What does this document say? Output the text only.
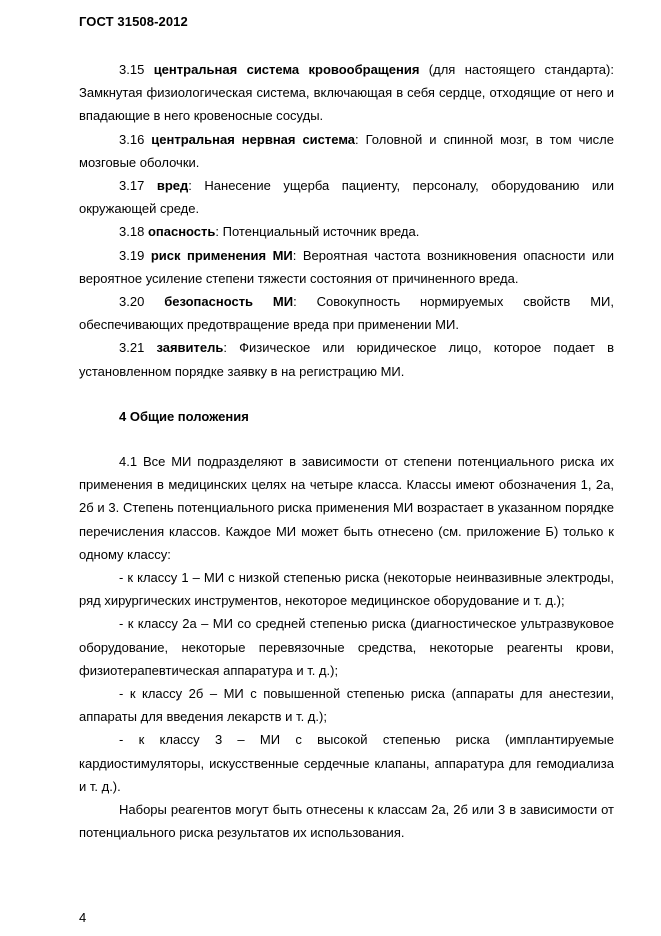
ГОСТ 31508-2012

3.15 центральная система кровообращения (для настоящего стандарта): Замкнутая физиологическая система, включающая в себя сердце, отходящие от него и впадающие в него кровеносные сосуды.

3.16 центральная нервная система: Головной и спинной мозг, в том числе мозговые оболочки.

3.17 вред: Нанесение ущерба пациенту, персоналу, оборудованию или окружающей среде.

3.18 опасность: Потенциальный источник вреда.

3.19 риск применения МИ: Вероятная частота возникновения опасности или вероятное усиление степени тяжести состояния от причиненного вреда.

3.20 безопасность МИ: Совокупность нормируемых свойств МИ, обеспечивающих предотвращение вреда при применении МИ.

3.21 заявитель: Физическое или юридическое лицо, которое подает в установленном порядке заявку в на регистрацию МИ.

4 Общие положения

4.1 Все МИ подразделяют в зависимости от степени потенциального риска их применения в медицинских целях на четыре класса. Классы имеют обозначения 1, 2а, 2б и 3. Степень потенциального риска применения МИ возрастает в указанном порядке перечисления классов. Каждое МИ может быть отнесено (см. приложение Б) только к одному классу:

- к классу 1 – МИ с низкой степенью риска (некоторые неинвазивные электроды, ряд хирургических инструментов, некоторое медицинское оборудование и т. д.);

- к классу 2а – МИ со средней степенью риска (диагностическое ультразвуковое оборудование, некоторые перевязочные средства, некоторые реагенты крови, физиотерапевтическая аппаратура и т. д.);

- к классу 2б – МИ с повышенной степенью риска (аппараты для анестезии, аппараты для введения лекарств и т. д.);

- к классу 3 – МИ с высокой степенью риска (имплантируемые кардиостимуляторы, искусственные сердечные клапаны, аппаратура для гемодиализа и т. д.).

Наборы реагентов могут быть отнесены к классам 2а, 2б или 3 в зависимости от потенциального риска результатов их использования.

4
